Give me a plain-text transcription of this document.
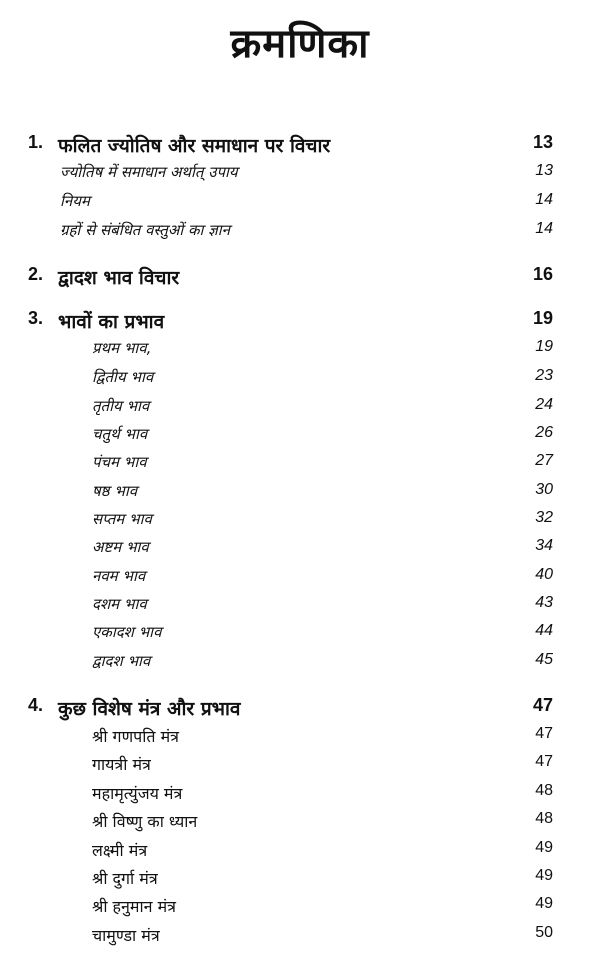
क्रमणिका
1. फलित ज्योतिष और समाधान पर विचार	13
ज्योतिष में समाधान अर्थात् उपाय	13
नियम	14
ग्रहों से संबंधित वस्तुओं का ज्ञान	14
2. द्वादश भाव विचार	16
3. भावों का प्रभाव	19
प्रथम भाव,	19
द्वितीय भाव	23
तृतीय भाव	24
चतुर्थ भाव	26
पंचम भाव	27
षष्ठ भाव	30
सप्तम भाव	32
अष्टम भाव	34
नवम भाव	40
दशम भाव	43
एकादश भाव	44
द्वादश भाव	45
4. कुछ विशेष मंत्र और प्रभाव	47
श्री गणपति मंत्र	47
गायत्री मंत्र	47
महामृत्युंजय मंत्र	48
श्री विष्णु का ध्यान	48
लक्ष्मी मंत्र	49
श्री दुर्गा मंत्र	49
श्री हनुमान मंत्र	49
चामुण्डा मंत्र	50
